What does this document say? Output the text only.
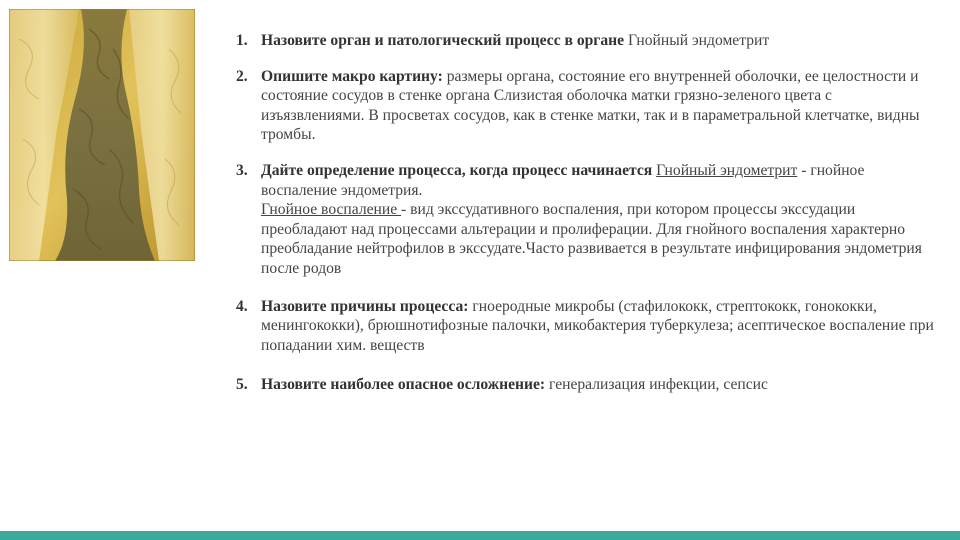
1. Назовите орган и патологический процесс в органе Гнойный эндометрит
2. Опишите макро картину: размеры органа, состояние его внутренней оболочки, ее целостности и состояние сосудов в стенке органа Слизистая оболочка матки грязно-зеленого цвета с изъязвлениями. В просветах сосудов, как в стенке матки, так и в параметральной клетчатке, видны тромбы.
3. Дайте определение процесса, когда процесс начинается Гнойный эндометрит - гнойное воспаление эндометрия.
Гнойное воспаление - вид экссудативного воспаления, при котором процессы экссудации преобладают над процессами альтерации и пролиферации. Для гнойного воспаления характерно преобладание нейтрофилов в экссудате.Часто развивается в результате инфицирования эндометрия после родов
4. Назовите причины процесса: гноеродные микробы (стафилококк, стрептококк, гонококки, менингококки), брюшнотифозные палочки, микобактерия туберкулеза; асептическое воспаление при попадании хим. веществ
5. Назовите наиболее опасное осложнение: генерализация инфекции, сепсис
